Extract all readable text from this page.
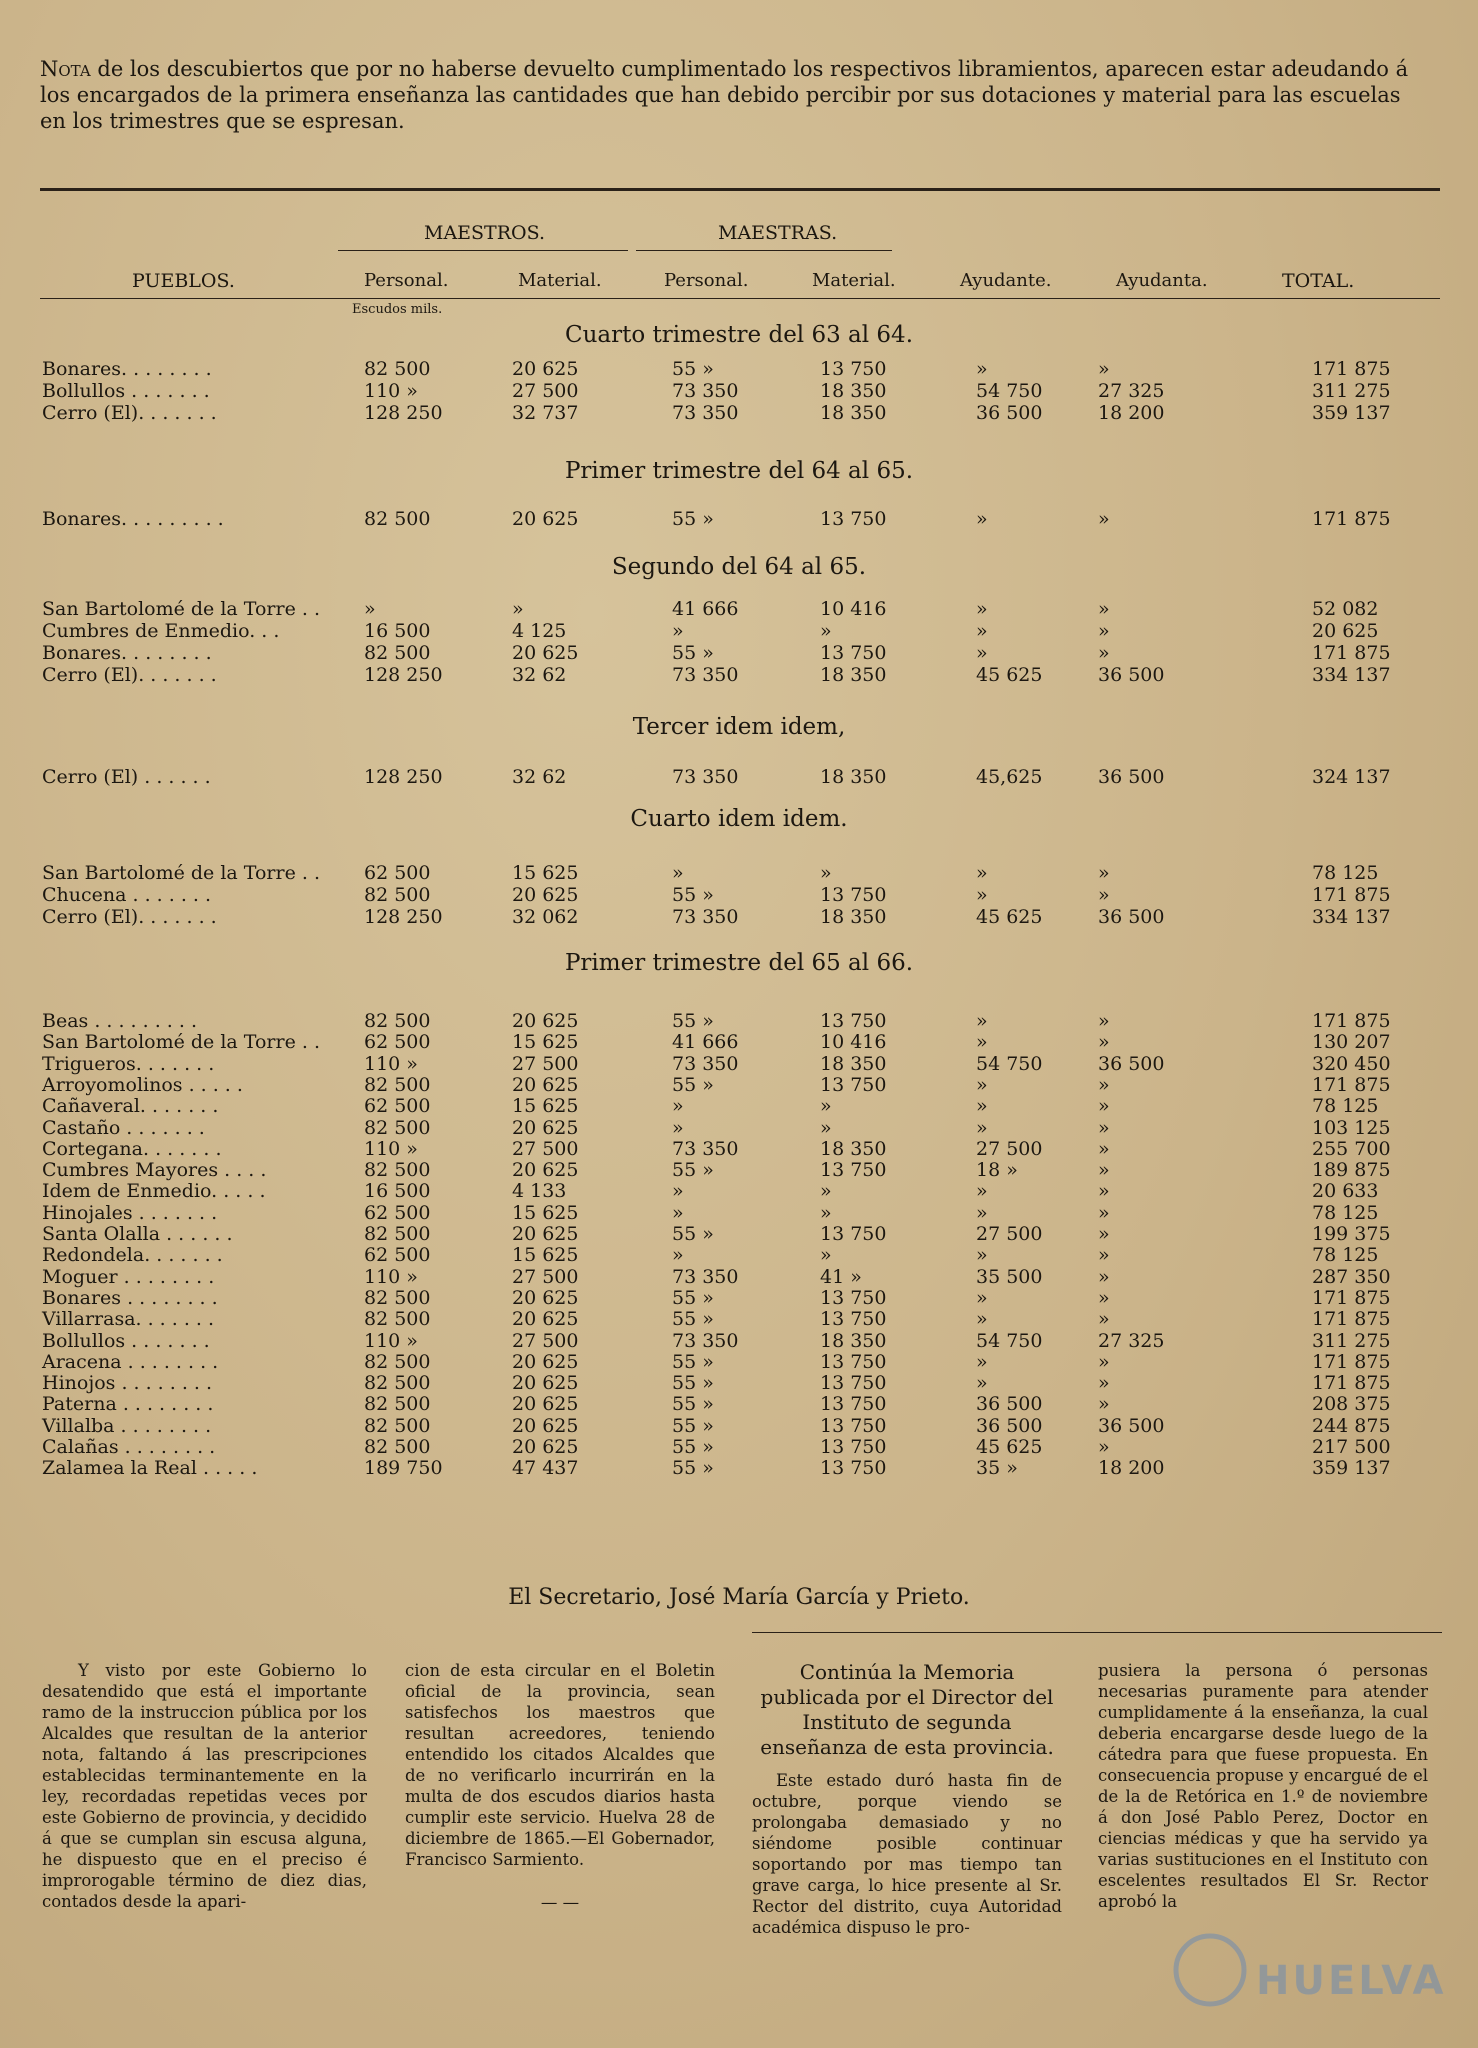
Nota de los descubiertos que por no haberse devuelto cumplimentado los respectivos libramientos, aparecen estar adeudando á los encargados de la primera enseñanza las cantidades que han debido percibir por sus dotaciones y material para las escuelas en los trimestres que se espresan.
MAESTROS.	MAESTRAS.
PUEBLOS.	Personal.	Material.	Personal.	Material.	Ayudante.	Ayudanta.	TOTAL.
Escudos mils.
Cuarto trimestre del 63 al 64.
Bonares. . . . . . . .	82 500	20 625	55 »	13 750	»	»	171 875
Bollullos . . . . . . .	110 »	27 500	73 350	18 350	54 750	27 325	311 275
Cerro (El). . . . . . .	128 250	32 737	73 350	18 350	36 500	18 200	359 137
Primer trimestre del 64 al 65.
Bonares. . . . . . . . .	82 500	20 625	55 »	13 750	»	»	171 875
Segundo del 64 al 65.
San Bartolomé de la Torre . . »	»	41 666	10 416	»	»	52 082
Cumbres de Enmedio. . .	16 500	4 125	»	»	»	»	20 625
Bonares. . . . . . . .	82 500	20 625	55 »	13 750	»	»	171 875
Cerro (El). . . . . . .	128 250	32 62	73 350	18 350	45 625	36 500	334 137
Tercer idem idem,
Cerro (El) . . . . . .	128 250	32 62	73 350	18 350	45,625	36 500	324 137
Cuarto idem idem.
San Bartolomé de la Torre . . 62 500	15 625	»	»	»	»	78 125
Chucena . . . . . . .	82 500	20 625	55 »	13 750	»	»	171 875
Cerro (El). . . . . . .	128 250	32 062	73 350	18 350	45 625	36 500	334 137
Primer trimestre del 65 al 66.
Beas . . . . . . . . .	82 500	20 625	55 »	13 750	»	»	171 875
San Bartolomé de la Torre . . 62 500	15 625	41 666	10 416	»	»	130 207
Trigueros. . . . . . .	110 »	27 500	73 350	18 350	54 750	36 500	320 450
Arroyomolinos . . . . .	82 500	20 625	55 »	13 750	»	»	171 875
Cañaveral. . . . . . .	62 500	15 625	»	»	»	»	78 125
Castaño . . . . . . .	82 500	20 625	»	»	»	»	103 125
Cortegana. . . . . . .	110 »	27 500	73 350	18 350	27 500	»	255 700
Cumbres Mayores . . . .	82 500	20 625	55 »	13 750	18 »	»	189 875
Idem de Enmedio. . . . .	16 500	4 133	»	»	»	»	20 633
Hinojales . . . . . . .	62 500	15 625	»	»	»	»	78 125
Santa Olalla . . . . . .	82 500	20 625	55 »	13 750	27 500	»	199 375
Redondela. . . . . . .	62 500	15 625	»	»	»	»	78 125
Moguer . . . . . . . .	110 »	27 500	73 350	41 »	35 500	»	287 350
Bonares . . . . . . . .	82 500	20 625	55 »	13 750	»	»	171 875
Villarrasa. . . . . . .	82 500	20 625	55 »	13 750	»	»	171 875
Bollullos . . . . . . .	110 »	27 500	73 350	18 350	54 750	27 325	311 275
Aracena . . . . . . . .	82 500	20 625	55 »	13 750	»	»	171 875
Hinojos . . . . . . . .	82 500	20 625	55 »	13 750	»	»	171 875
Paterna . . . . . . . .	82 500	20 625	55 »	13 750	36 500	»	208 375
Villalba . . . . . . . .	82 500	20 625	55 »	13 750	36 500	36 500	244 875
Calañas . . . . . . . .	82 500	20 625	55 »	13 750	45 625	»	217 500
Zalamea la Real . . . . .	189 750	47 437	55 »	13 750	35 »	18 200	359 137
El Secretario, José María García y Prieto.

Y visto por este Gobierno lo desatendido que está el importante ramo de la instruccion pública por los Alcaldes que resultan de la anterior nota, faltando á las prescripciones establecidas terminantemente en la ley, recordadas repetidas veces por este Gobierno de provincia, y decidido á que se cumplan sin escusa alguna, he dispuesto que en el preciso é improrogable término de diez dias, contados desde la apari-

cion de esta circular en el Boletin oficial de la provincia, sean satisfechos los maestros que resultan acreedores, teniendo entendido los citados Alcaldes que de no verificarlo incurrirán en la multa de dos escudos diarios hasta cumplir este servicio. Huelva 28 de diciembre de 1865.—El Gobernador, Francisco Sarmiento.

— —

Continúa la Memoria publicada por el Director del Instituto de segunda enseñanza de esta provincia.

Este estado duró hasta fin de octubre, porque viendo se prolongaba demasiado y no siéndome posible continuar soportando por mas tiempo tan grave carga, lo hice presente al Sr. Rector del distrito, cuya Autoridad académica dispuso le pro-

pusiera la persona ó personas necesarias puramente para atender cumplidamente á la enseñanza, la cual deberia encargarse desde luego de la cátedra para que fuese propuesta. En consecuencia propuse y encargué de el de la de Retórica en 1.º de noviembre á don José Pablo Perez, Doctor en ciencias médicas y que ha servido ya varias sustituciones en el Instituto con escelentes resultados El Sr. Rector aprobó la

HUELVA
